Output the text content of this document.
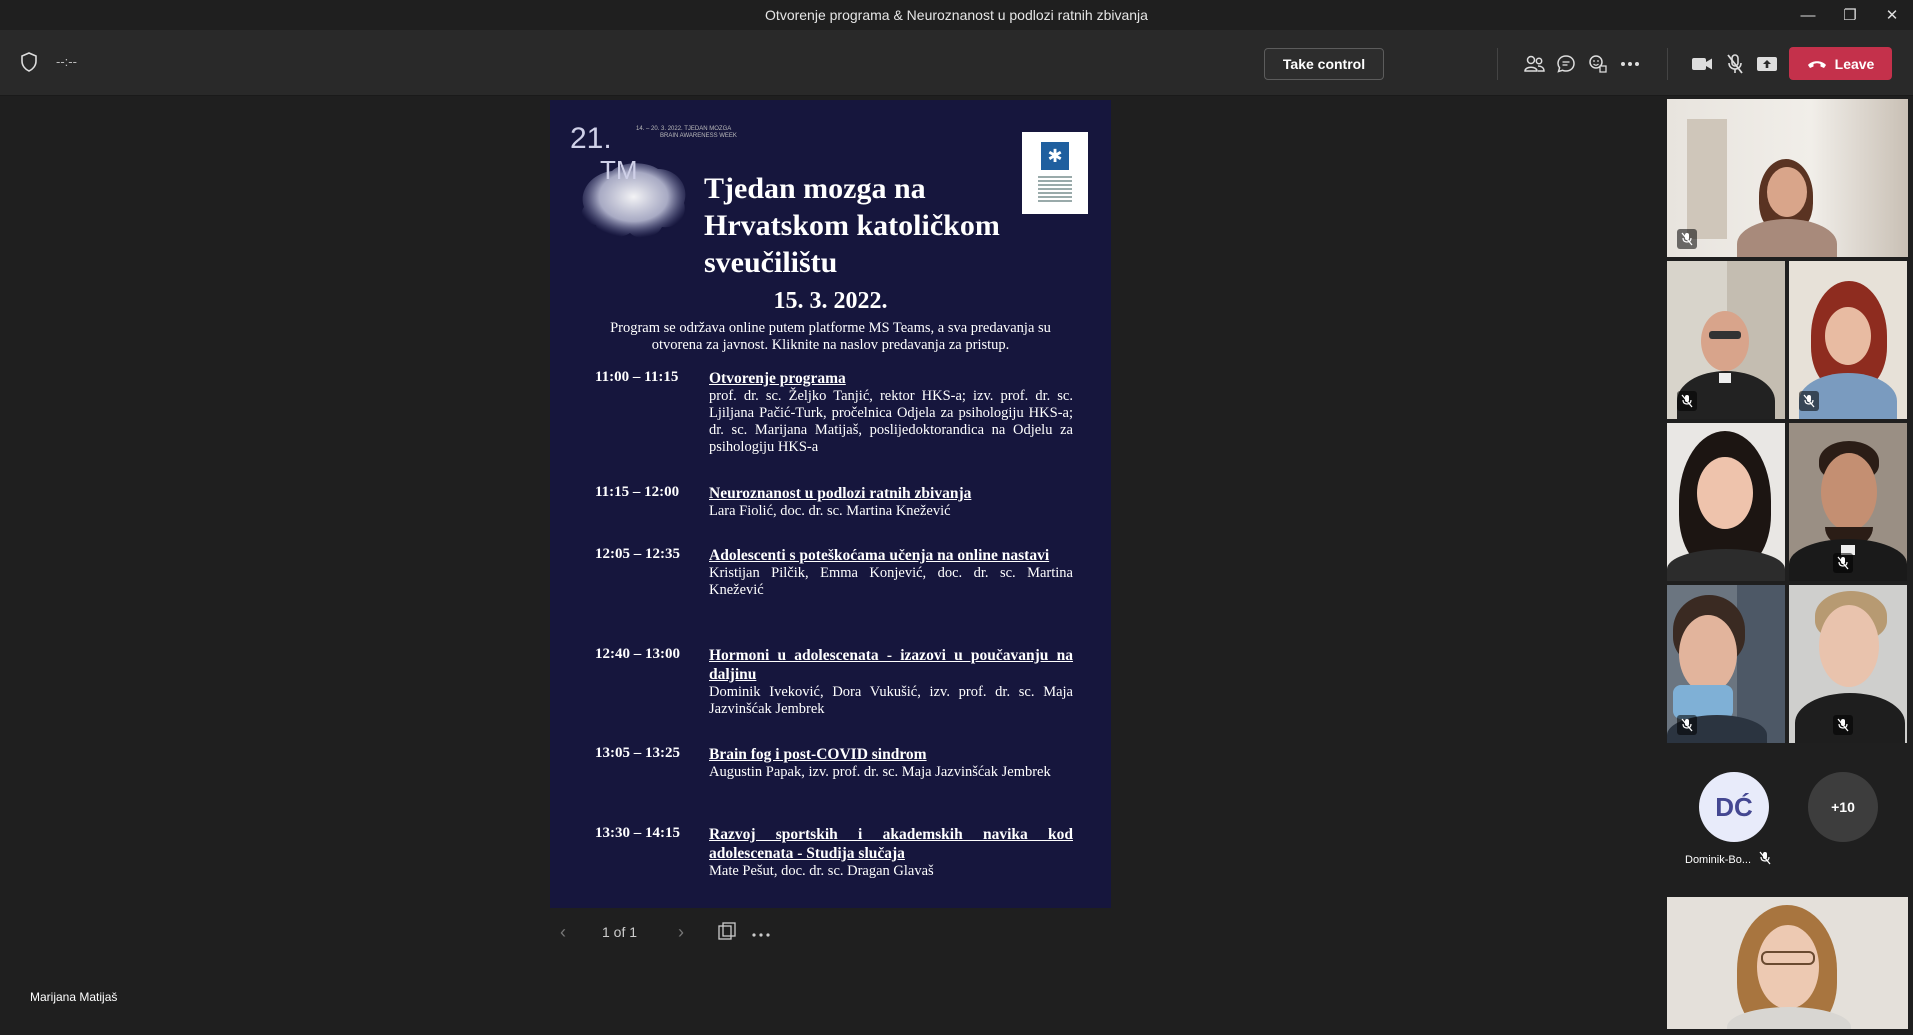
Otvorenje programa & Neuroznanost u podlozi ratnih zbivanja	—	❐	✕
--:--	Take control	Leave
14. – 20. 3. 2022. TJEDAN MOZGA
BRAIN AWARENESS WEEK
21.
TM	✱
Tjedan mozga na
Hrvatskom katoličkom
sveučilištu
15. 3. 2022.
Program se održava online putem platforme MS Teams, a sva predavanja su otvorena za javnost. Kliknite na naslov predavanja za pristup.
11:00 – 11:15 Otvorenje programa
prof. dr. sc. Željko Tanjić, rektor HKS-a; izv. prof. dr. sc. Ljiljana Pačić-Turk, pročelnica Odjela za psihologiju HKS-a; dr. sc. Marijana Matijaš, poslijedoktorandica na Odjelu za psihologiju HKS-a
11:15 – 12:00 Neuroznanost u podlozi ratnih zbivanja
Lara Fiolić, doc. dr. sc. Martina Knežević
12:05 – 12:35 Adolescenti s poteškoćama učenja na online nastavi
Kristijan Pilčik, Emma Konjević, doc. dr. sc. Martina Knežević
12:40 – 13:00 Hormoni u adolescenata - izazovi u poučavanju na daljinu
Dominik Iveković, Dora Vukušić, izv. prof. dr. sc. Maja Jazvinšćak Jembrek
13:05 – 13:25 Brain fog i post-COVID sindrom
Augustin Papak, izv. prof. dr. sc. Maja Jazvinšćak Jembrek
13:30 – 14:15 Razvoj sportskih i akademskih navika kod adolescenata - Studija slučaja
Mate Pešut, doc. dr. sc. Dragan Glavaš
‹	1 of 1	›
Marijana Matijaš
DĆ	+10
Dominik-Bo...
